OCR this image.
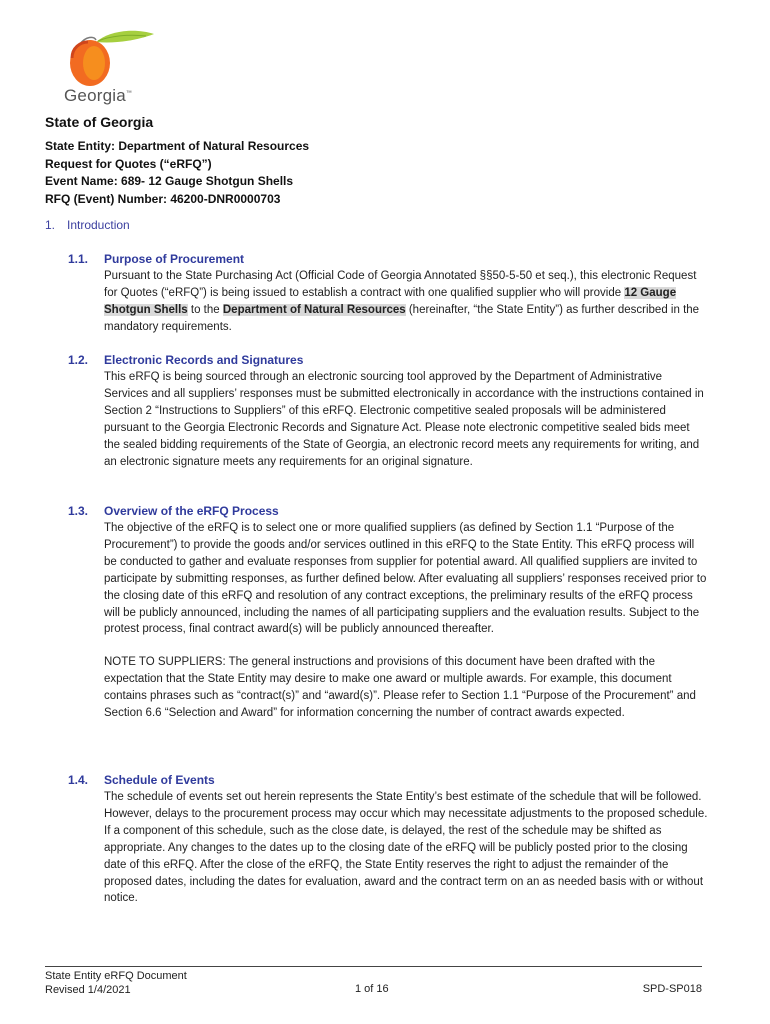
Georgia™
State of Georgia
State Entity: Department of Natural Resources
Request for Quotes (“eRFQ”)
Event Name: 689- 12 Gauge Shotgun Shells
RFQ (Event) Number: 46200-DNR0000703
1. Introduction
1.1. Purpose of Procurement
Pursuant to the State Purchasing Act (Official Code of Georgia Annotated §§50-5-50 et seq.), this electronic Request for Quotes (“eRFQ”) is being issued to establish a contract with one qualified supplier who will provide 12 Gauge Shotgun Shells to the Department of Natural Resources (hereinafter, “the State Entity”) as further described in the mandatory requirements.
1.2. Electronic Records and Signatures
This eRFQ is being sourced through an electronic sourcing tool approved by the Department of Administrative Services and all suppliers’ responses must be submitted electronically in accordance with the instructions contained in Section 2 “Instructions to Suppliers” of this eRFQ. Electronic competitive sealed proposals will be administered pursuant to the Georgia Electronic Records and Signature Act. Please note electronic competitive sealed bids meet the sealed bidding requirements of the State of Georgia, an electronic record meets any requirements for writing, and an electronic signature meets any requirements for an original signature.
1.3. Overview of the eRFQ Process
The objective of the eRFQ is to select one or more qualified suppliers (as defined by Section 1.1 “Purpose of the Procurement”) to provide the goods and/or services outlined in this eRFQ to the State Entity. This eRFQ process will be conducted to gather and evaluate responses from supplier for potential award. All qualified suppliers are invited to participate by submitting responses, as further defined below. After evaluating all suppliers’ responses received prior to the closing date of this eRFQ and resolution of any contract exceptions, the preliminary results of the eRFQ process will be publicly announced, including the names of all participating suppliers and the evaluation results. Subject to the protest process, final contract award(s) will be publicly announced thereafter.
NOTE TO SUPPLIERS: The general instructions and provisions of this document have been drafted with the expectation that the State Entity may desire to make one award or multiple awards. For example, this document contains phrases such as “contract(s)” and “award(s)”. Please refer to Section 1.1 “Purpose of the Procurement” and Section 6.6 “Selection and Award” for information concerning the number of contract awards expected.
1.4. Schedule of Events
The schedule of events set out herein represents the State Entity’s best estimate of the schedule that will be followed. However, delays to the procurement process may occur which may necessitate adjustments to the proposed schedule. If a component of this schedule, such as the close date, is delayed, the rest of the schedule may be shifted as appropriate. Any changes to the dates up to the closing date of the eRFQ will be publicly posted prior to the closing date of this eRFQ. After the close of the eRFQ, the State Entity reserves the right to adjust the remainder of the proposed dates, including the dates for evaluation, award and the contract term on an as needed basis with or without notice.
State Entity eRFQ Document
Revised 1/4/2021	1 of 16	SPD-SP018
